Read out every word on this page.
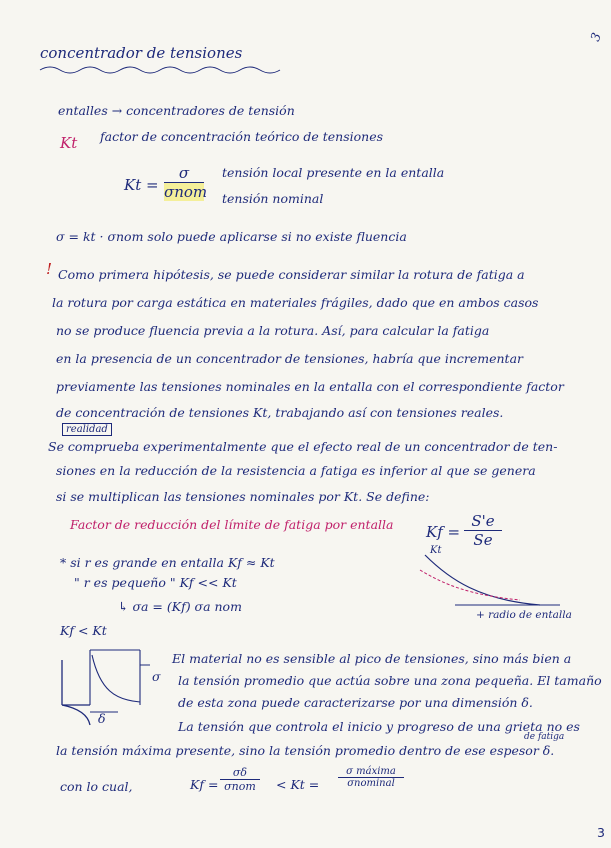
concentrador de tensiones
3
entalles → concentradores de tensión
Kt factor de concentración teórico de tensiones
Kt =
σ
σnom
tensión local presente en la entalla
tensión nominal
σ = kt · σnom solo puede aplicarse si no existe fluencia
! Como primera hipótesis, se puede considerar similar la rotura de fatiga a
la rotura por carga estática en materiales frágiles, dado que en ambos casos
no se produce fluencia previa a la rotura. Así, para calcular la fatiga
en la presencia de un concentrador de tensiones, habría que incrementar
previamente las tensiones nominales en la entalla con el correspondiente factor
de concentración de tensiones Kt, trabajando así con tensiones reales.
realidad
Se comprueba experimentalmente que el efecto real de un concentrador de ten-
siones en la reducción de la resistencia a fatiga es inferior al que se genera
si se multiplican las tensiones nominales por Kt. Se define:
Factor de reducción del límite de fatiga por entalla $Kf = \frac{S'e}{Se}$
* si r es grande en entalla Kf ≈ Kt
" r es pequeño " Kf << Kt
↳ σa = (Kf) σa nom
Kt
+ radio de entalla
Kf < Kt
σ
δ
El material no es sensible al pico de tensiones, sino más bien a
la tensión promedio que actúa sobre una zona pequeña. El tamaño
de esta zona puede caracterizarse por una dimensión δ.
La tensión que controla el inicio y progreso de una grieta no es
de fatiga
la tensión máxima presente, sino la tensión promedio dentro de ese espesor δ.
con lo cual,	Kf =
σδ
σnom	< Kt =
σ máxima
σnominal
3
